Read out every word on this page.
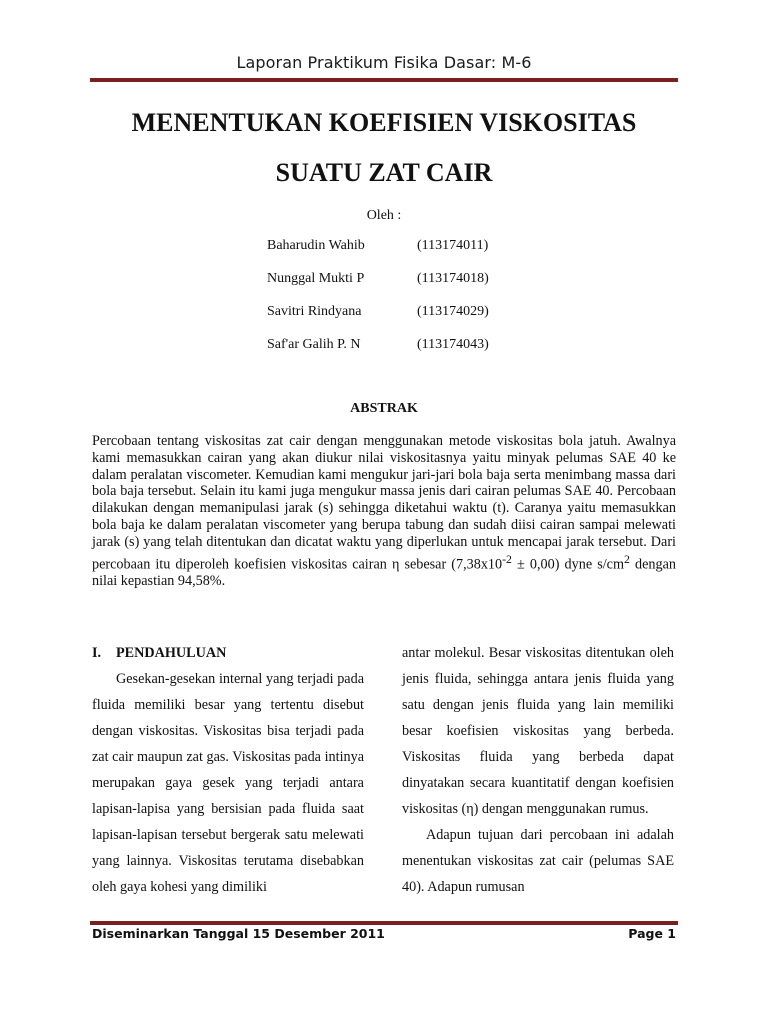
Laporan Praktikum Fisika Dasar: M-6
MENENTUKAN KOEFISIEN VISKOSITAS
SUATU ZAT CAIR
Oleh :
Baharudin Wahib	(113174011)
Nunggal Mukti P	(113174018)
Savitri Rindyana	(113174029)
Saf'ar Galih P. N	(113174043)
ABSTRAK
Percobaan tentang viskositas zat cair dengan menggunakan metode viskositas bola jatuh. Awalnya kami memasukkan cairan yang akan diukur nilai viskositasnya yaitu minyak pelumas SAE 40 ke dalam peralatan viscometer. Kemudian kami mengukur jari-jari bola baja serta menimbang massa dari bola baja tersebut. Selain itu kami juga mengukur massa jenis dari cairan pelumas SAE 40. Percobaan dilakukan dengan memanipulasi jarak (s) sehingga diketahui waktu (t). Caranya yaitu memasukkan bola baja ke dalam peralatan viscometer yang berupa tabung dan sudah diisi cairan sampai melewati jarak (s) yang telah ditentukan dan dicatat waktu yang diperlukan untuk mencapai jarak tersebut. Dari percobaan itu diperoleh koefisien viskositas cairan η sebesar $(7,38x10^{-2} \pm 0,00)$ dyne $s/cm^2$ dengan nilai kepastian 94,58%.

I. PENDAHULUAN

Gesekan-gesekan internal yang terjadi pada fluida memiliki besar yang tertentu disebut dengan viskositas. Viskositas bisa terjadi pada zat cair maupun zat gas. Viskositas pada intinya merupakan gaya gesek yang terjadi antara lapisan-lapisa yang bersisian pada fluida saat lapisan-lapisan tersebut bergerak satu melewati yang lainnya. Viskositas terutama disebabkan oleh gaya kohesi yang dimiliki

antar molekul. Besar viskositas ditentukan oleh jenis fluida, sehingga antara jenis fluida yang satu dengan jenis fluida yang lain memiliki besar koefisien viskositas yang berbeda. Viskositas fluida yang berbeda dapat dinyatakan secara kuantitatif dengan koefisien viskositas (η) dengan menggunakan rumus.

Adapun tujuan dari percobaan ini adalah menentukan viskositas zat cair (pelumas SAE 40). Adapun rumusan

Diseminarkan Tanggal 15 Desember 2011	Page 1
